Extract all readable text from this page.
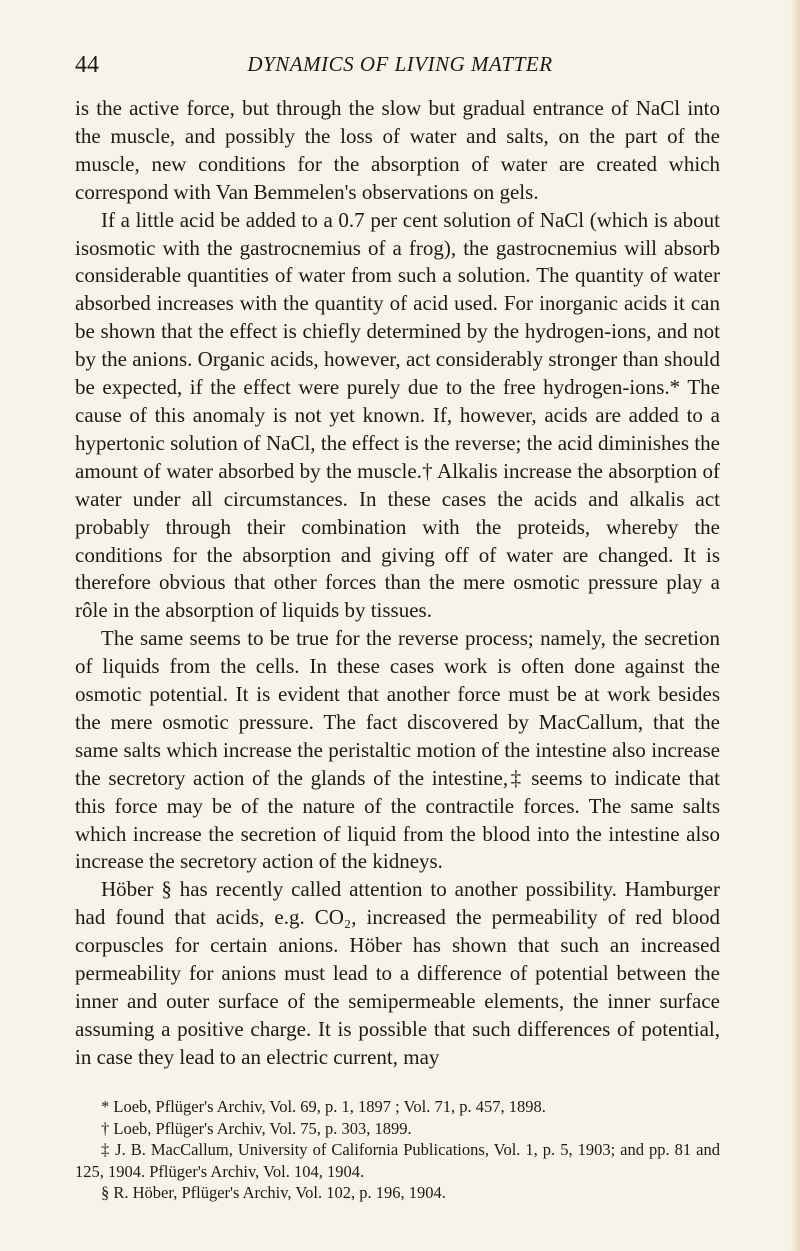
44	DYNAMICS OF LIVING MATTER

is the active force, but through the slow but gradual entrance of NaCl into the muscle, and possibly the loss of water and salts, on the part of the muscle, new conditions for the absorption of water are created which correspond with Van Bemmelen's observations on gels.

If a little acid be added to a 0.7 per cent solution of NaCl (which is about isosmotic with the gastrocnemius of a frog), the gastrocnemius will absorb considerable quantities of water from such a solution. The quantity of water absorbed increases with the quantity of acid used. For inorganic acids it can be shown that the effect is chiefly determined by the hydrogen-ions, and not by the anions. Organic acids, however, act considerably stronger than should be expected, if the effect were purely due to the free hydrogen-ions.* The cause of this anomaly is not yet known. If, however, acids are added to a hypertonic solution of NaCl, the effect is the reverse; the acid diminishes the amount of water absorbed by the muscle.† Alkalis increase the absorption of water under all circumstances. In these cases the acids and alkalis act probably through their combination with the proteids, whereby the conditions for the absorption and giving off of water are changed. It is therefore obvious that other forces than the mere osmotic pressure play a rôle in the absorption of liquids by tissues.

The same seems to be true for the reverse process; namely, the secretion of liquids from the cells. In these cases work is often done against the osmotic potential. It is evident that another force must be at work besides the mere osmotic pressure. The fact discovered by MacCallum, that the same salts which increase the peristaltic motion of the intestine also increase the secretory action of the glands of the intestine,‡ seems to indicate that this force may be of the nature of the contractile forces. The same salts which increase the secretion of liquid from the blood into the intestine also increase the secretory action of the kidneys.

Höber § has recently called attention to another possibility. Hamburger had found that acids, e.g. CO₂, increased the permeability of red blood corpuscles for certain anions. Höber has shown that such an increased permeability for anions must lead to a difference of potential between the inner and outer surface of the semipermeable elements, the inner surface assuming a positive charge. It is possible that such differences of potential, in case they lead to an electric current, may

* Loeb, Pflüger's Archiv, Vol. 69, p. 1, 1897 ; Vol. 71, p. 457, 1898.

† Loeb, Pflüger's Archiv, Vol. 75, p. 303, 1899.

‡ J. B. MacCallum, University of California Publications, Vol. 1, p. 5, 1903; and pp. 81 and 125, 1904. Pflüger's Archiv, Vol. 104, 1904.

§ R. Höber, Pflüger's Archiv, Vol. 102, p. 196, 1904.
